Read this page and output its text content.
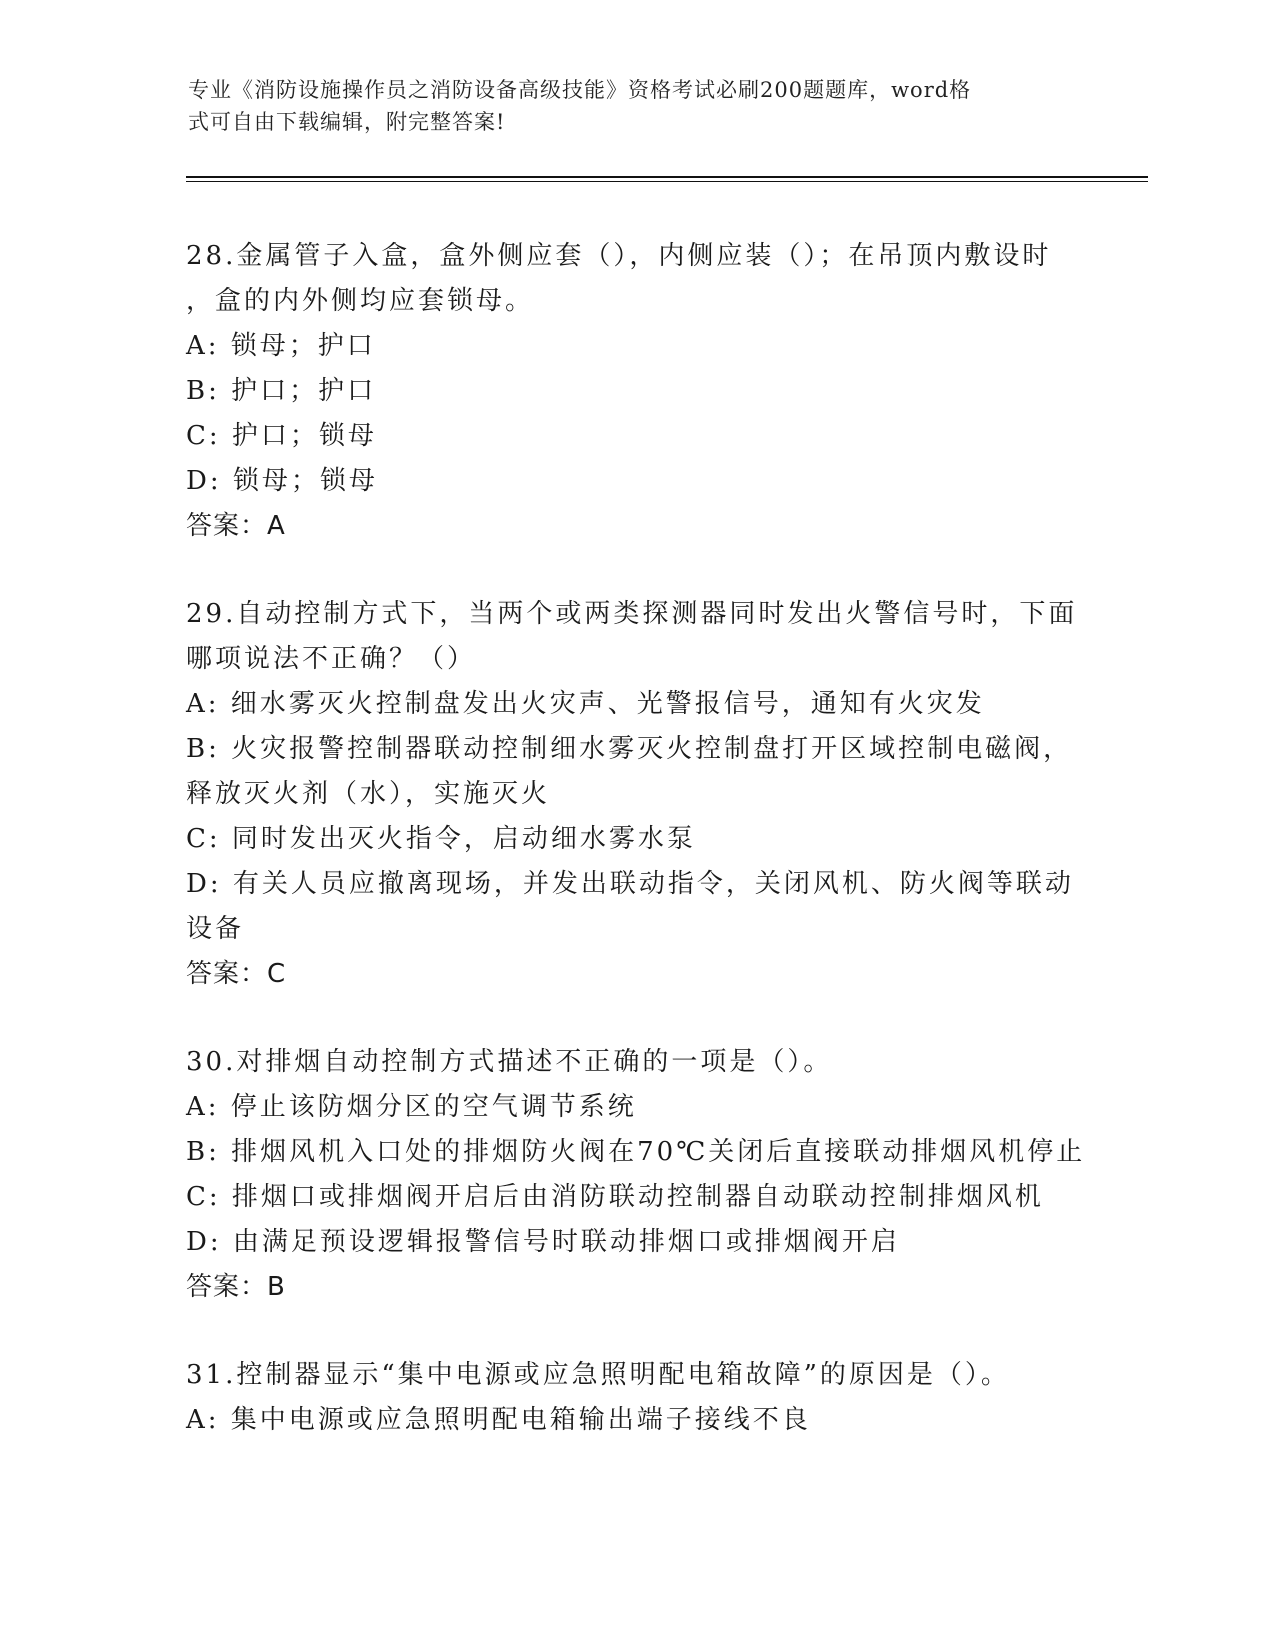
专业《消防设施操作员之消防设备高级技能》资格考试必刷200题题库，word格
式可自由下载编辑，附完整答案!
28.金属管子入盒，盒外侧应套（），内侧应装（）；在吊顶内敷设时
，盒的内外侧均应套锁母。
A: 锁母；护口
B: 护口；护口
C: 护口；锁母
D: 锁母；锁母
答案：A
29.自动控制方式下，当两个或两类探测器同时发出火警信号时，下面
哪项说法不正确？（）
A: 细水雾灭火控制盘发出火灾声、光警报信号，通知有火灾发
B: 火灾报警控制器联动控制细水雾灭火控制盘打开区域控制电磁阀，
释放灭火剂（水），实施灭火
C: 同时发出灭火指令，启动细水雾水泵
D: 有关人员应撤离现场，并发出联动指令，关闭风机、防火阀等联动
设备
答案：C
30.对排烟自动控制方式描述不正确的一项是（）。
A: 停止该防烟分区的空气调节系统
B: 排烟风机入口处的排烟防火阀在70℃关闭后直接联动排烟风机停止
C: 排烟口或排烟阀开启后由消防联动控制器自动联动控制排烟风机
D: 由满足预设逻辑报警信号时联动排烟口或排烟阀开启
答案：B
31.控制器显示“集中电源或应急照明配电箱故障”的原因是（）。
A: 集中电源或应急照明配电箱输出端子接线不良
